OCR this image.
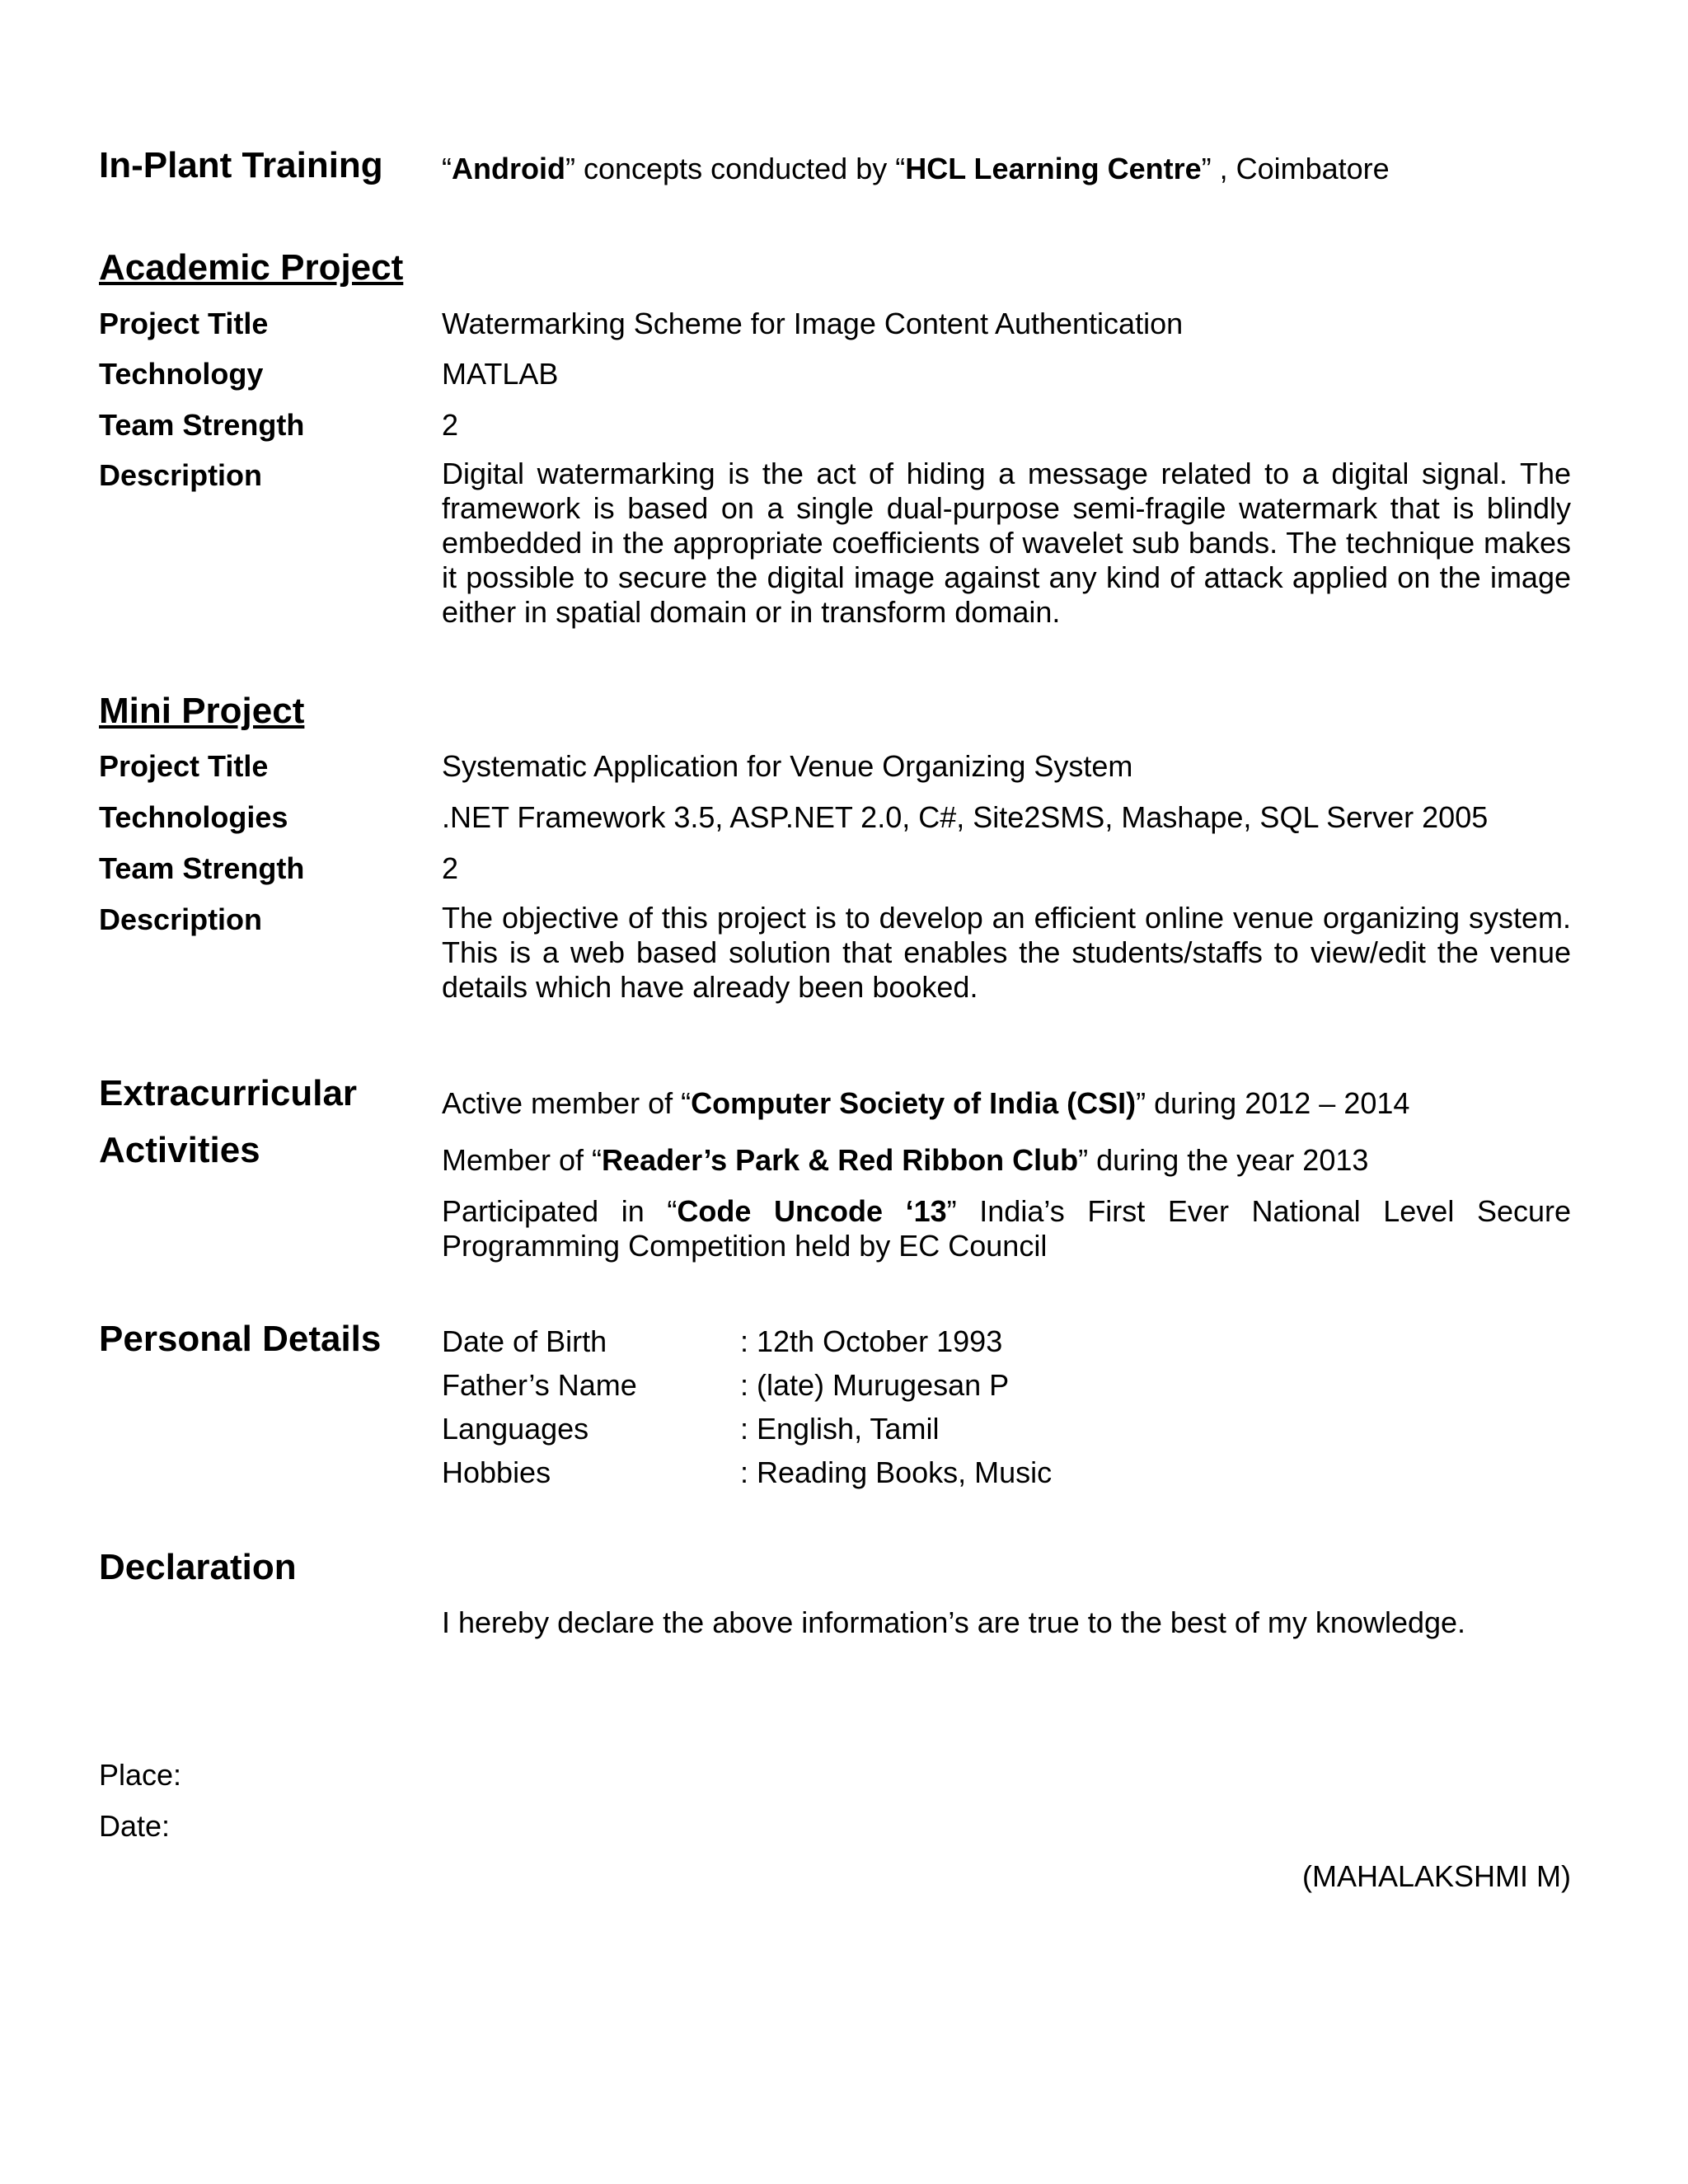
In-Plant Training “Android” concepts conducted by “HCL Learning Centre” , Coimbatore
Academic Project
Project Title	Watermarking Scheme for Image Content Authentication
Technology	MATLAB
Team Strength	2
Description	Digital watermarking is the act of hiding a message related to a digital signal. The framework is based on a single dual-purpose semi-fragile watermark that is blindly embedded in the appropriate coefficients of wavelet sub bands. The technique makes it possible to secure the digital image against any kind of attack applied on the image either in spatial domain or in transform domain.
Mini Project
Project Title	Systematic Application for Venue Organizing System
Technologies	.NET Framework 3.5, ASP.NET 2.0, C#, Site2SMS, Mashape, SQL Server 2005
Team Strength	2
Description	The objective of this project is to develop an efficient online venue organizing system. This is a web based solution that enables the students/staffs to view/edit the venue details which have already been booked.
Extracurricular
Activities
Active member of “Computer Society of India (CSI)” during 2012 – 2014
Member of “Reader’s Park & Red Ribbon Club” during the year 2013
Participated in “Code Uncode ‘13” India’s First Ever National Level Secure Programming Competition held by EC Council
Personal Details Date of Birth	: 12th October 1993
Father’s Name	: (late) Murugesan P
Languages	: English, Tamil
Hobbies	: Reading Books, Music
Declaration
I hereby declare the above information’s are true to the best of my knowledge.
Place:
Date:
(MAHALAKSHMI M)
